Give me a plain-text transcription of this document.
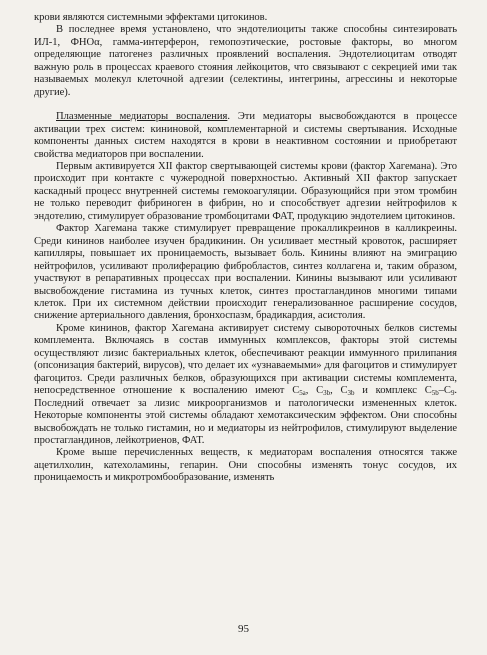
крови являются системными эффектами цитокинов.

В последнее время установлено, что эндотелиоциты также способны синтезировать ИЛ-1, ФНОα, гамма-интерферон, гемопоэтические, ростовые факторы, во многом определяющие патогенез различных проявлений воспаления. Эндотелиоцитам отводят важную роль в процессах краевого стояния лейкоцитов, что связывают с секрецией ими так называемых молекул клеточной адгезии (селектины, интегрины, агрессины и некоторые другие).

Плазменные медиаторы воспаления. Эти медиаторы высвобождаются в процессе активации трех систем: кининовой, комплементарной и системы свертывания. Исходные компоненты данных систем находятся в крови в неактивном состоянии и приобретают свойства медиаторов при воспалении.

Первым активируется XII фактор свертывающей системы крови (фактор Хагемана). Это происходит при контакте с чужеродной поверхностью. Активный XII фактор запускает каскадный процесс внутренней системы гемокоагуляции. Образующийся при этом тромбин не только переводит фибриноген в фибрин, но и способствует адгезии нейтрофилов к эндотелию, стимулирует образование тромбоцитами ФАТ, продукцию эндотелием цитокинов.

Фактор Хагемана также стимулирует превращение прокалликреинов в калликреины. Среди кининов наиболее изучен брадикинин. Он усиливает местный кровоток, расширяет капилляры, повышает их проницаемость, вызывает боль. Кинины влияют на эмиграцию нейтрофилов, усиливают пролиферацию фибробластов, синтез коллагена и, таким образом, участвуют в репаративных процессах при воспалении. Кинины вызывают или усиливают высвобождение гистамина из тучных клеток, синтез простагландинов многими типами клеток. При их системном действии происходит генерализованное расширение сосудов, снижение артериального давления, бронхоспазм, брадикардия, асистолия.

Кроме кининов, фактор Хагемана активирует систему сывороточных белков системы комплемента. Включаясь в состав иммунных комплексов, факторы этой системы осуществляют лизис бактериальных клеток, обеспечивают реакции иммунного прилипания (опсонизация бактерий, вирусов), что делает их «узнаваемыми» для фагоцитов и стимулирует фагоцитоз. Среди различных белков, образующихся при активации системы комплемента, непосредственное отношение к воспалению имеют $С_{5а}$, $С_{3b}$, $С_{3b}$ и комплекс $С_{5b}-С_9$. Последний отвечает за лизис микроорганизмов и патологически измененных клеток. Некоторые компоненты этой системы обладают хемотаксическим эффектом. Они способны высвобождать не только гистамин, но и медиаторы из нейтрофилов, стимулируют выделение простагландинов, лейкотриенов, ФАТ.

Кроме выше перечисленных веществ, к медиаторам воспаления относятся также ацетилхолин, катехоламины, гепарин. Они способны изменять тонус сосудов, их проницаемость и микротромбообразование, изменять

95
